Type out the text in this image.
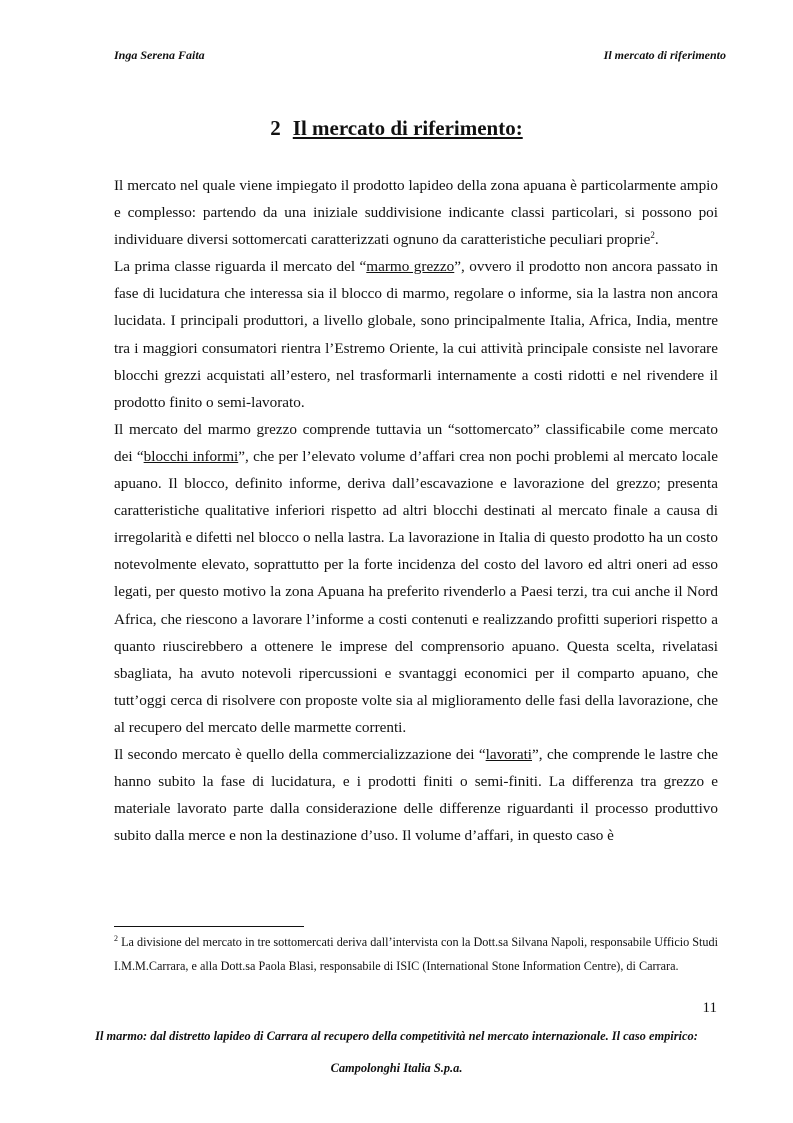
Inga Serena Faita	Il mercato di riferimento
2 Il mercato di riferimento:

Il mercato nel quale viene impiegato il prodotto lapideo della zona apuana è particolarmente ampio e complesso: partendo da una iniziale suddivisione indicante classi particolari, si possono poi individuare diversi sottomercati caratterizzati ognuno da caratteristiche peculiari proprie$^2$.

La prima classe riguarda il mercato del “marmo grezzo”, ovvero il prodotto non ancora passato in fase di lucidatura che interessa sia il blocco di marmo, regolare o informe, sia la lastra non ancora lucidata. I principali produttori, a livello globale, sono principalmente Italia, Africa, India, mentre tra i maggiori consumatori rientra l’Estremo Oriente, la cui attività principale consiste nel lavorare blocchi grezzi acquistati all’estero, nel trasformarli internamente a costi ridotti e nel rivendere il prodotto finito o semi-lavorato.

Il mercato del marmo grezzo comprende tuttavia un “sottomercato” classificabile come mercato dei “blocchi informi”, che per l’elevato volume d’affari crea non pochi problemi al mercato locale apuano. Il blocco, definito informe, deriva dall’escavazione e lavorazione del grezzo; presenta caratteristiche qualitative inferiori rispetto ad altri blocchi destinati al mercato finale a causa di irregolarità e difetti nel blocco o nella lastra. La lavorazione in Italia di questo prodotto ha un costo notevolmente elevato, soprattutto per la forte incidenza del costo del lavoro ed altri oneri ad esso legati, per questo motivo la zona Apuana ha preferito rivenderlo a Paesi terzi, tra cui anche il Nord Africa, che riescono a lavorare l’informe a costi contenuti e realizzando profitti superiori rispetto a quanto riuscirebbero a ottenere le imprese del comprensorio apuano. Questa scelta, rivelatasi sbagliata, ha avuto notevoli ripercussioni e svantaggi economici per il comparto apuano, che tutt’oggi cerca di risolvere con proposte volte sia al miglioramento delle fasi della lavorazione, che al recupero del mercato delle marmette correnti.

Il secondo mercato è quello della commercializzazione dei “lavorati”, che comprende le lastre che hanno subito la fase di lucidatura, e i prodotti finiti o semi-finiti. La differenza tra grezzo e materiale lavorato parte dalla considerazione delle differenze riguardanti il processo produttivo subito dalla merce e non la destinazione d’uso. Il volume d’affari, in questo caso è

$^2$ La divisione del mercato in tre sottomercati deriva dall’intervista con la Dott.sa Silvana Napoli, responsabile Ufficio Studi I.M.M.Carrara, e alla Dott.sa Paola Blasi, responsabile di ISIC (International Stone Information Centre), di Carrara.
11
Il marmo: dal distretto lapideo di Carrara al recupero della competitività nel mercato internazionale. Il caso empirico:
Campolonghi Italia S.p.a.
